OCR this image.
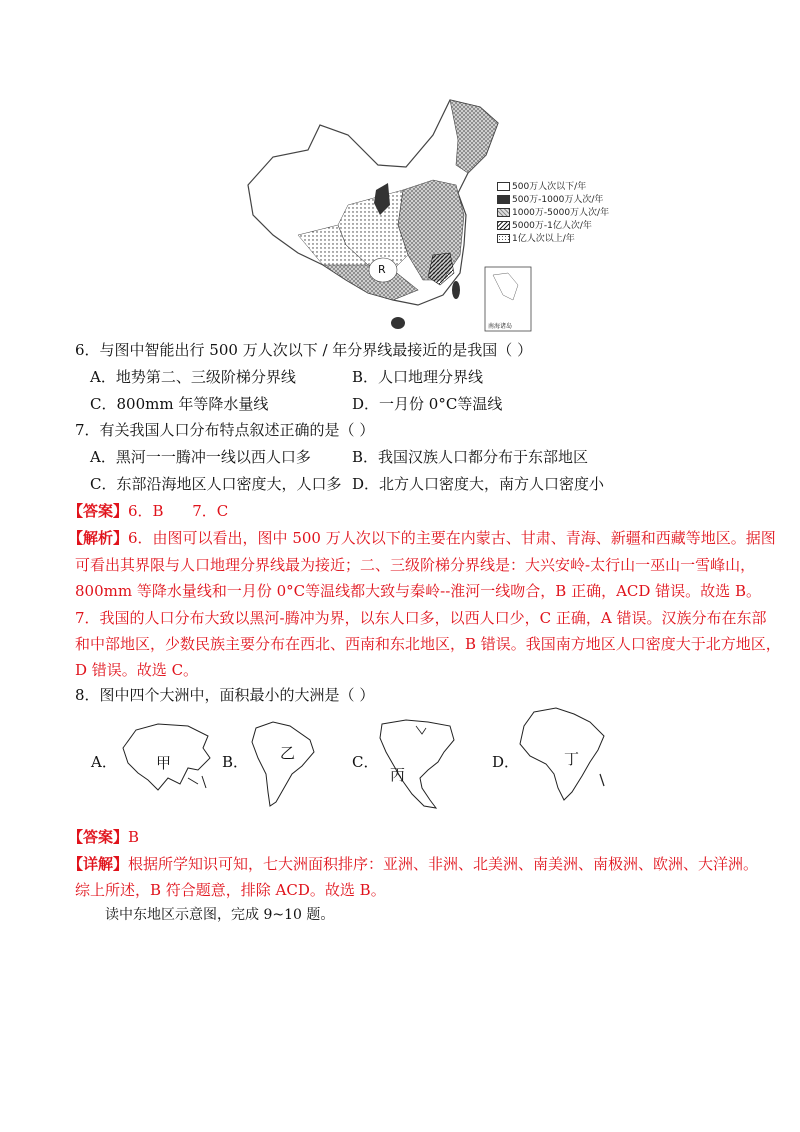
R
南海诸岛
500万人次以下/年
500万-1000万人次/年
1000万-5000万人次/年
5000万-1亿人次/年
1亿人次以上/年
6．与图中智能出行 500 万人次以下 / 年分界线最接近的是我国（ ）
A．地势第二、三级阶梯分界线	B．人口地理分界线
C．800mm 年等降水量线	D．一月份 0°C等温线
7．有关我国人口分布特点叙述正确的是（ ）
A．黑河一一腾冲一线以西人口多	B．我国汉族人口都分布于东部地区
C．东部沿海地区人口密度大，人口多 D．北方人口密度大，南方人口密度小
【答案】6．B      7．C
【解析】6．由图可以看出，图中 500 万人次以下的主要在内蒙古、甘肃、青海、新疆和西藏等地区。据图
可看出其界限与人口地理分界线最为接近；二、三级阶梯分界线是：大兴安岭-太行山一巫山一雪峰山，
800mm 等降水量线和一月份 0°C等温线都大致与秦岭--淮河一线吻合，B 正确，ACD 错误。故选 B。
7．我国的人口分布大致以黑河-腾冲为界，以东人口多，以西人口少，C 正确，A 错误。汉族分布在东部
和中部地区，少数民族主要分布在西北、西南和东北地区，B 错误。我国南方地区人口密度大于北方地区，
D 错误。故选 C。
8．图中四个大洲中，面积最小的大洲是（ ）
A．	甲	B． 乙	C．
丙
D．	丁
【答案】B
【详解】根据所学知识可知，七大洲面积排序：亚洲、非洲、北美洲、南美洲、南极洲、欧洲、大洋洲。
综上所述，B 符合题意，排除 ACD。故选 B。
读中东地区示意图，完成 9~10 题。
